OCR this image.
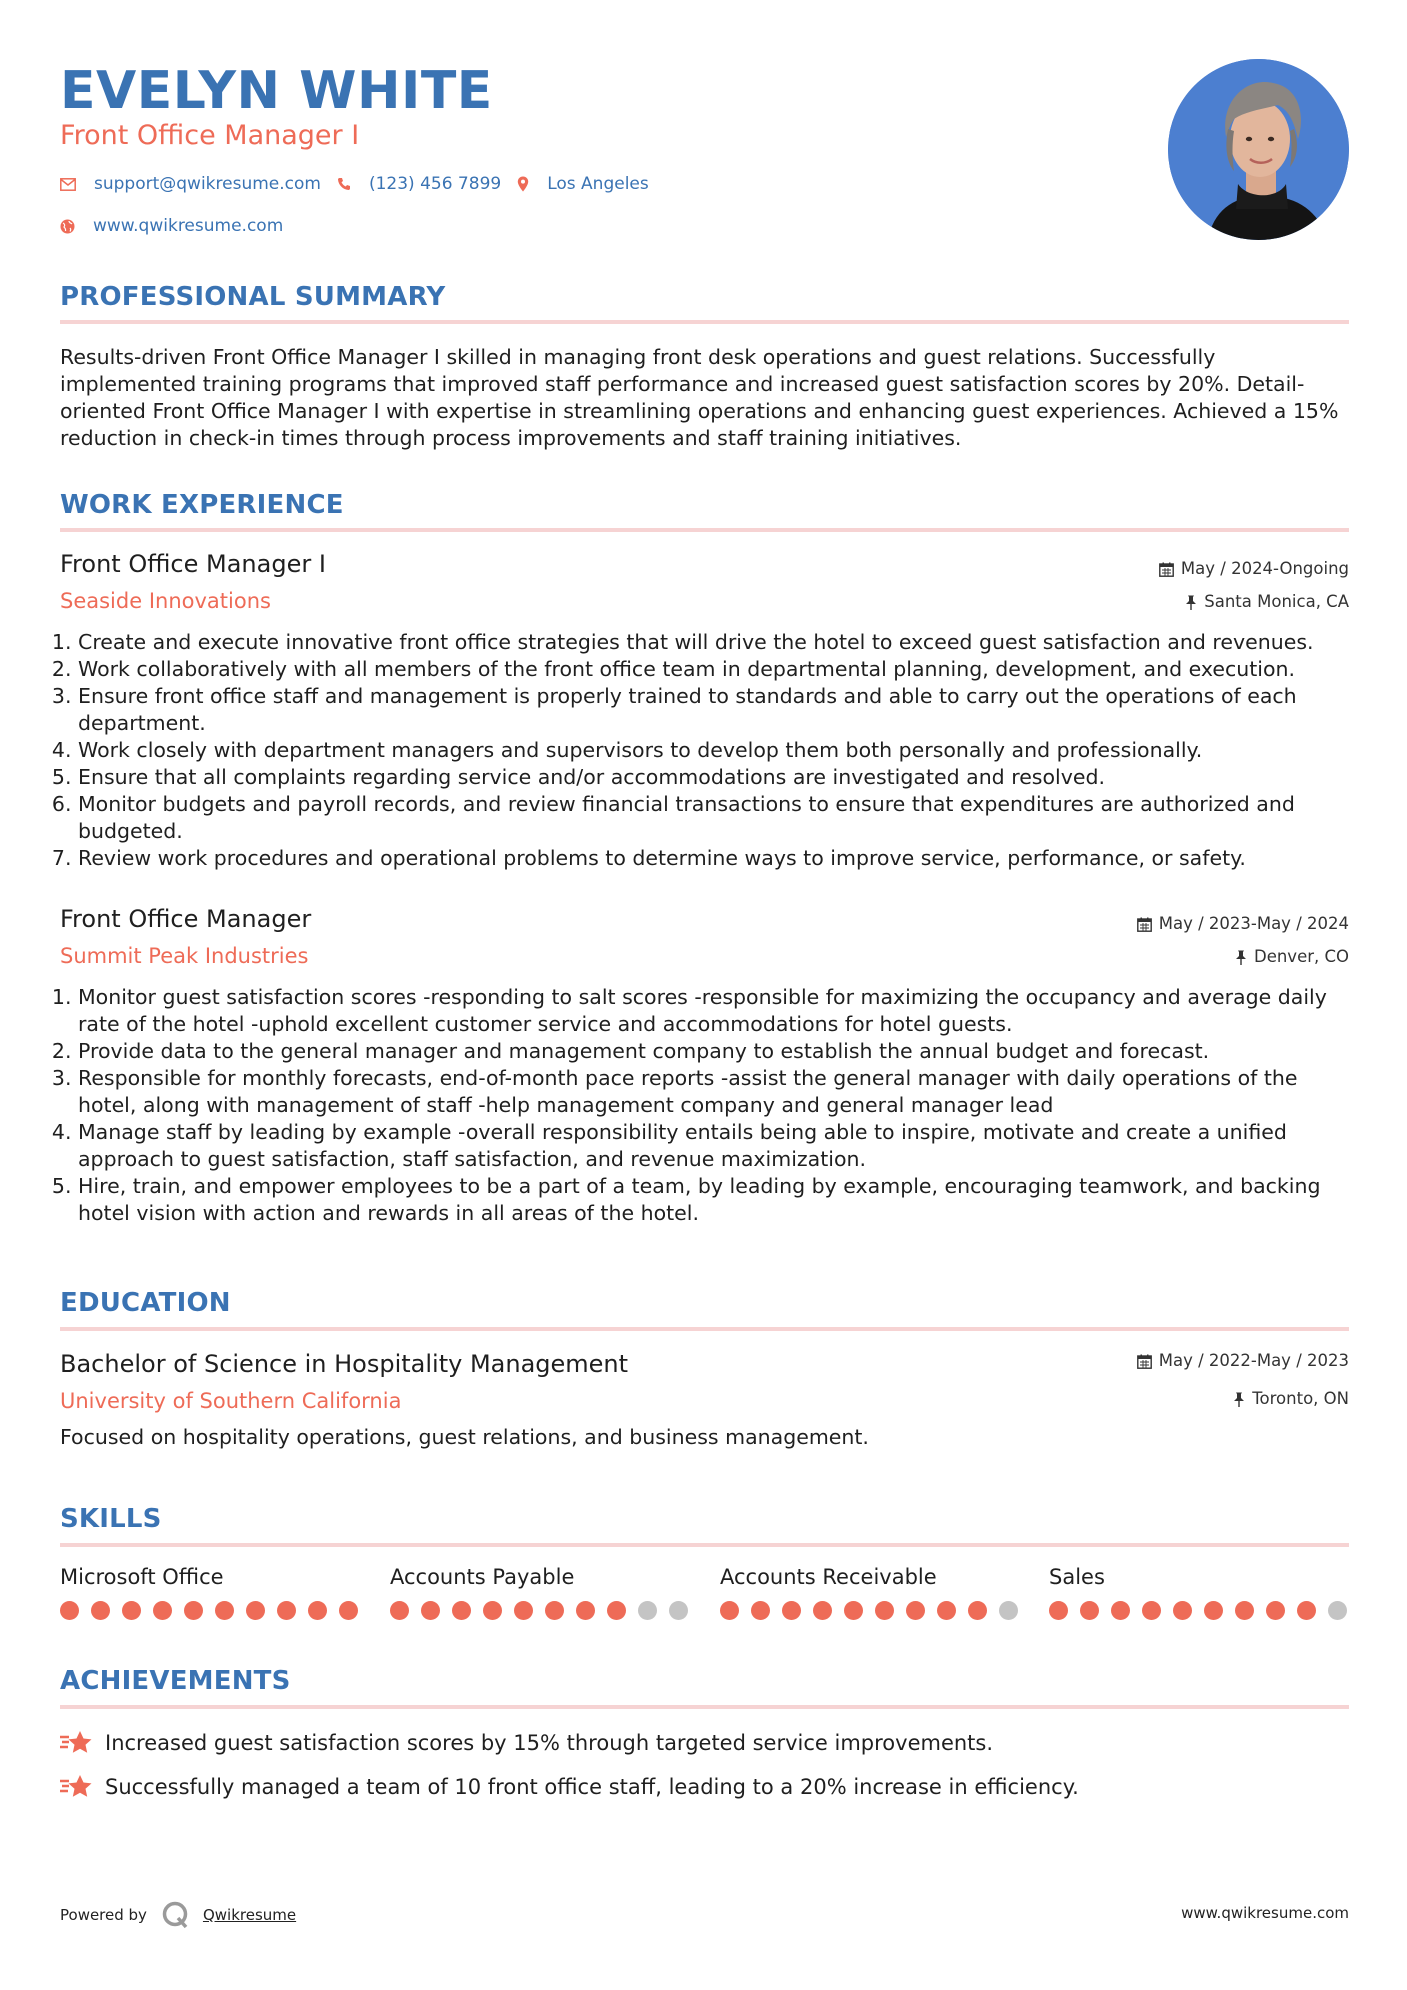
EVELYN WHITE
Front Office Manager I
support@qwikresume.com	(123) 456 7899	Los Angeles
www.qwikresume.com
PROFESSIONAL SUMMARY
Results-driven Front Office Manager I skilled in managing front desk operations and guest relations. Successfully implemented training programs that improved staff performance and increased guest satisfaction scores by 20%. Detail-oriented Front Office Manager I with expertise in streamlining operations and enhancing guest experiences. Achieved a 15% reduction in check-in times through process improvements and staff training initiatives.
WORK EXPERIENCE
Front Office Manager I	May / 2024-Ongoing
Seaside Innovations	Santa Monica, CA
1. Create and execute innovative front office strategies that will drive the hotel to exceed guest satisfaction and revenues.
2. Work collaboratively with all members of the front office team in departmental planning, development, and execution.
3. Ensure front office staff and management is properly trained to standards and able to carry out the operations of each department.
4. Work closely with department managers and supervisors to develop them both personally and professionally.
5. Ensure that all complaints regarding service and/or accommodations are investigated and resolved.
6. Monitor budgets and payroll records, and review financial transactions to ensure that expenditures are authorized and budgeted.
7. Review work procedures and operational problems to determine ways to improve service, performance, or safety.
Front Office Manager	May / 2023-May / 2024
Summit Peak Industries	Denver, CO
1. Monitor guest satisfaction scores -responding to salt scores -responsible for maximizing the occupancy and average daily rate of the hotel -uphold excellent customer service and accommodations for hotel guests.
2. Provide data to the general manager and management company to establish the annual budget and forecast.
3. Responsible for monthly forecasts, end-of-month pace reports -assist the general manager with daily operations of the hotel, along with management of staff -help management company and general manager lead
4. Manage staff by leading by example -overall responsibility entails being able to inspire, motivate and create a unified approach to guest satisfaction, staff satisfaction, and revenue maximization.
5. Hire, train, and empower employees to be a part of a team, by leading by example, encouraging teamwork, and backing hotel vision with action and rewards in all areas of the hotel.
EDUCATION
Bachelor of Science in Hospitality Management	May / 2022-May / 2023
University of Southern California	Toronto, ON
Focused on hospitality operations, guest relations, and business management.
SKILLS
Microsoft Office	Accounts Payable	Accounts Receivable	Sales
ACHIEVEMENTS
Increased guest satisfaction scores by 15% through targeted service improvements.
Successfully managed a team of 10 front office staff, leading to a 20% increase in efficiency.
Powered by	Qwikresume	www.qwikresume.com
